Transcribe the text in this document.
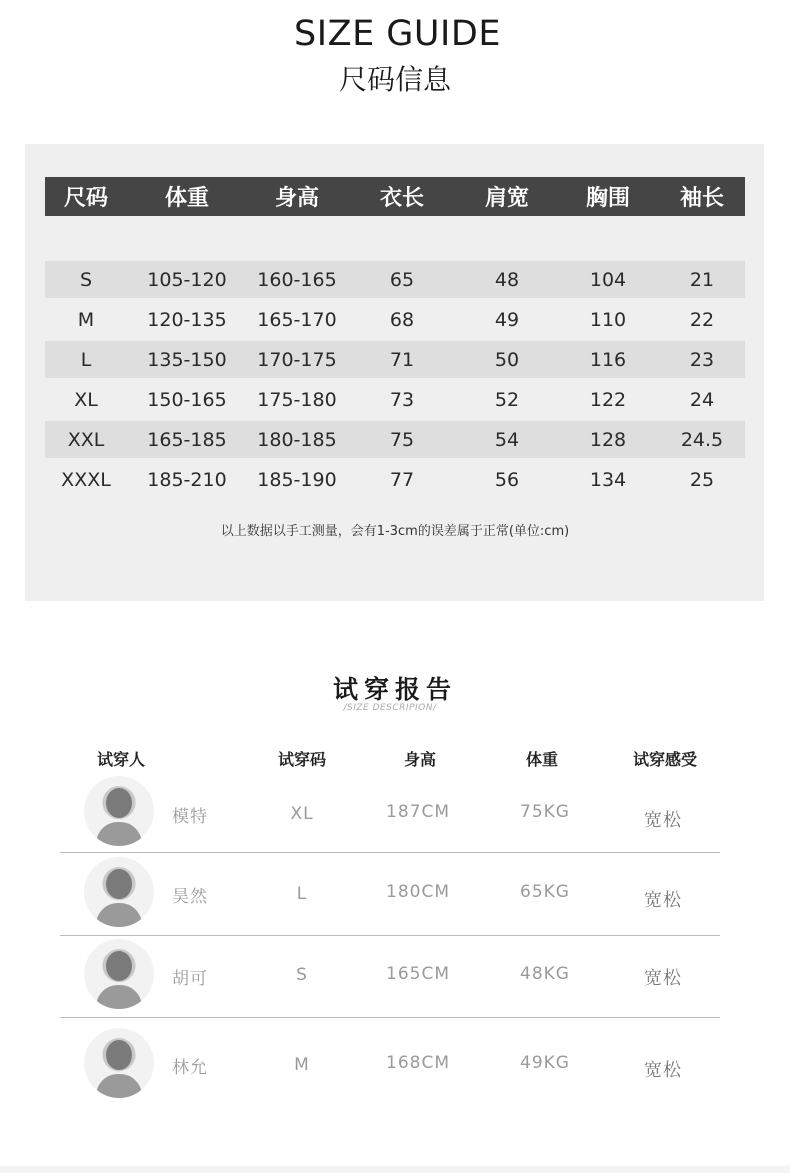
SIZE GUIDE
尺码信息
尺码	体重	身高	衣长	肩宽	胸围	袖长
S	105-120	160-165	65	48	104	21
M	120-135	165-170	68	49	110	22
L	135-150	170-175	71	50	116	23
XL	150-165	175-180	73	52	122	24
XXL	165-185	180-185	75	54	128	24.5
XXXL	185-210	185-190	77	56	134	25
以上数据以手工测量，会有1-3cm的误差属于正常(单位:cm)
试穿报告
/SIZE DESCRIPION/
试穿人	试穿码	身高	体重	试穿感受
模特	XL	187CM	75KG	宽松
昊然	L	180CM	65KG	宽松
胡可	S	165CM	48KG	宽松
林允	M	168CM	49KG	宽松
